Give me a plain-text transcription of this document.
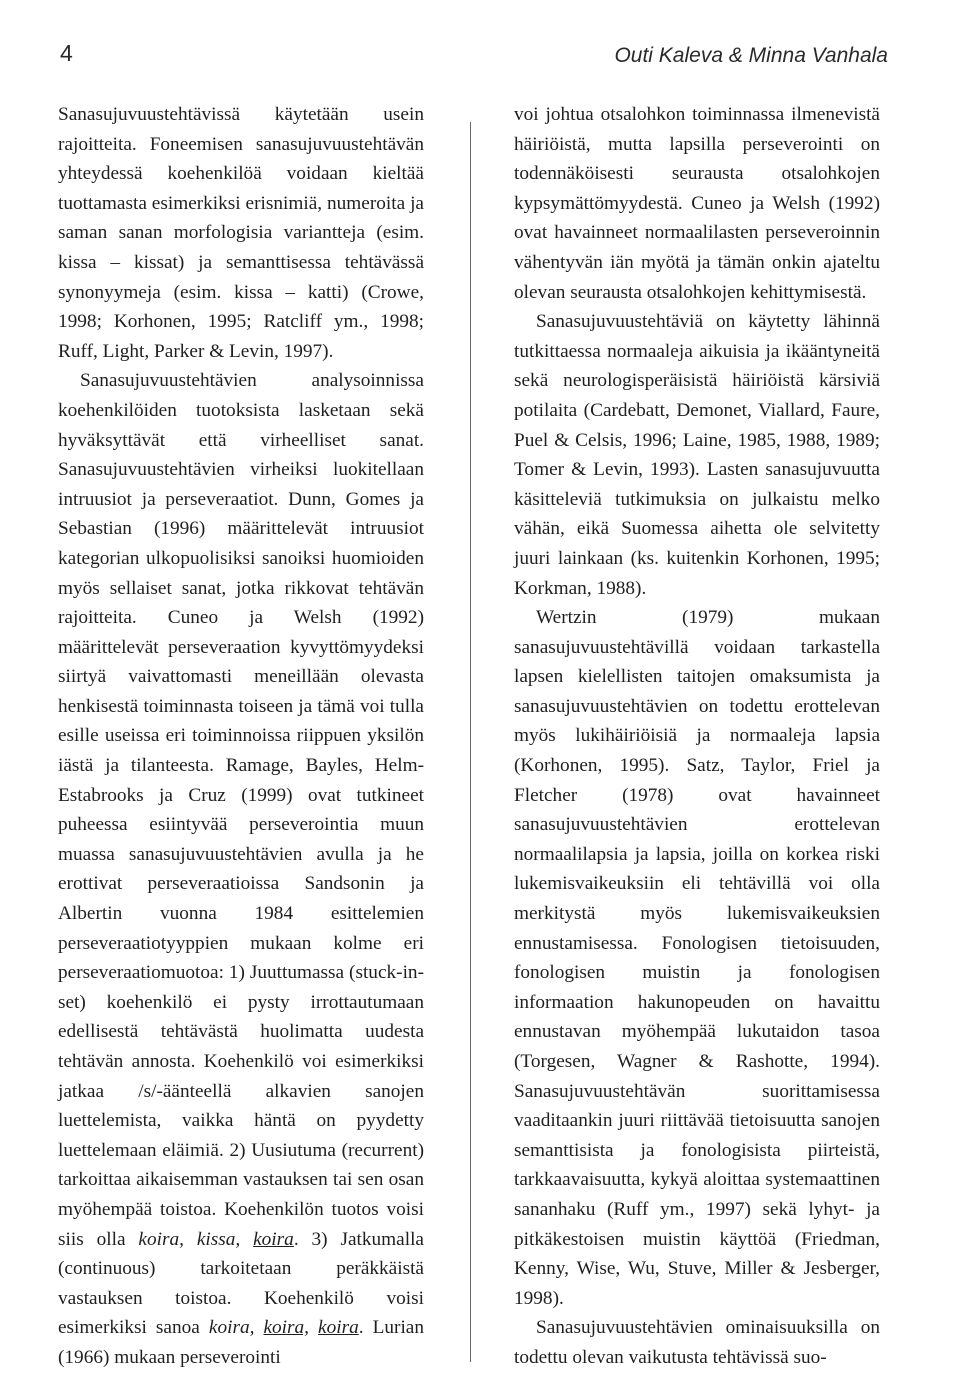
4	Outi Kaleva & Minna Vanhala

Sanasujuvuustehtävissä käytetään usein rajoitteita. Foneemisen sanasujuvuustehtävän yhteydessä koehenkilöä voidaan kieltää tuottamasta esimerkiksi erisnimiä, numeroita ja saman sanan morfologisia variantteja (esim. kissa – kissat) ja semanttisessa tehtävässä synonyymeja (esim. kissa – katti) (Crowe, 1998; Korhonen, 1995; Ratcliff ym., 1998; Ruff, Light, Parker & Levin, 1997).

Sanasujuvuustehtävien analysoinnissa koehenkilöiden tuotoksista lasketaan sekä hyväksyttävät että virheelliset sanat. Sanasujuvuustehtävien virheiksi luokitellaan intruusiot ja perseveraatiot. Dunn, Gomes ja Sebastian (1996) määrittelevät intruusiot kategorian ulkopuolisiksi sanoiksi huomioiden myös sellaiset sanat, jotka rikkovat tehtävän rajoitteita. Cuneo ja Welsh (1992) määrittelevät perseveraation kyvyttömyydeksi siirtyä vaivattomasti meneillään olevasta henkisestä toiminnasta toiseen ja tämä voi tulla esille useissa eri toiminnoissa riippuen yksilön iästä ja tilanteesta. Ramage, Bayles, Helm-Estabrooks ja Cruz (1999) ovat tutkineet puheessa esiintyvää perseverointia muun muassa sanasujuvuustehtävien avulla ja he erottivat perseveraatioissa Sandsonin ja Albertin vuonna 1984 esittelemien perseveraatiotyyppien mukaan kolme eri perseveraatiomuotoa: 1) Juuttumassa (stuck-in-set) koehenkilö ei pysty irrottautumaan edellisestä tehtävästä huolimatta uudesta tehtävän annosta. Koehenkilö voi esimerkiksi jatkaa /s/-äänteellä alkavien sanojen luettelemista, vaikka häntä on pyydetty luettelemaan eläimiä. 2) Uusiutuma (recurrent) tarkoittaa aikaisemman vastauksen tai sen osan myöhempää toistoa. Koehenkilön tuotos voisi siis olla koira, kissa, koira. 3) Jatkumalla (continuous) tarkoitetaan peräkkäistä vastauksen toistoa. Koehenkilö voisi esimerkiksi sanoa koira, koira, koira. Lurian (1966) mukaan perseverointi

voi johtua otsalohkon toiminnassa ilmenevistä häiriöistä, mutta lapsilla perseverointi on todennäköisesti seurausta otsalohkojen kypsymättömyydestä. Cuneo ja Welsh (1992) ovat havainneet normaalilasten perseveroinnin vähentyvän iän myötä ja tämän onkin ajateltu olevan seurausta otsalohkojen kehittymisestä.

Sanasujuvuustehtäviä on käytetty lähinnä tutkittaessa normaaleja aikuisia ja ikääntyneitä sekä neurologisperäisistä häiriöistä kärsiviä potilaita (Cardebatt, Demonet, Viallard, Faure, Puel & Celsis, 1996; Laine, 1985, 1988, 1989; Tomer & Levin, 1993). Lasten sanasujuvuutta käsitteleviä tutkimuksia on julkaistu melko vähän, eikä Suomessa aihetta ole selvitetty juuri lainkaan (ks. kuitenkin Korhonen, 1995; Korkman, 1988).

Wertzin (1979) mukaan sanasujuvuustehtävillä voidaan tarkastella lapsen kielellisten taitojen omaksumista ja sanasujuvuustehtävien on todettu erottelevan myös lukihäiriöisiä ja normaaleja lapsia (Korhonen, 1995). Satz, Taylor, Friel ja Fletcher (1978) ovat havainneet sanasujuvuustehtävien erottelevan normaalilapsia ja lapsia, joilla on korkea riski lukemisvaikeuksiin eli tehtävillä voi olla merkitystä myös lukemisvaikeuksien ennustamisessa. Fonologisen tietoisuuden, fonologisen muistin ja fonologisen informaation hakunopeuden on havaittu ennustavan myöhempää lukutaidon tasoa (Torgesen, Wagner & Rashotte, 1994). Sanasujuvuustehtävän suorittamisessa vaaditaankin juuri riittävää tietoisuutta sanojen semanttisista ja fonologisista piirteistä, tarkkaavaisuutta, kykyä aloittaa systemaattinen sananhaku (Ruff ym., 1997) sekä lyhyt- ja pitkäkestoisen muistin käyttöä (Friedman, Kenny, Wise, Wu, Stuve, Miller & Jesberger, 1998).

Sanasujuvuustehtävien ominaisuuksilla on todettu olevan vaikutusta tehtävissä suo-
